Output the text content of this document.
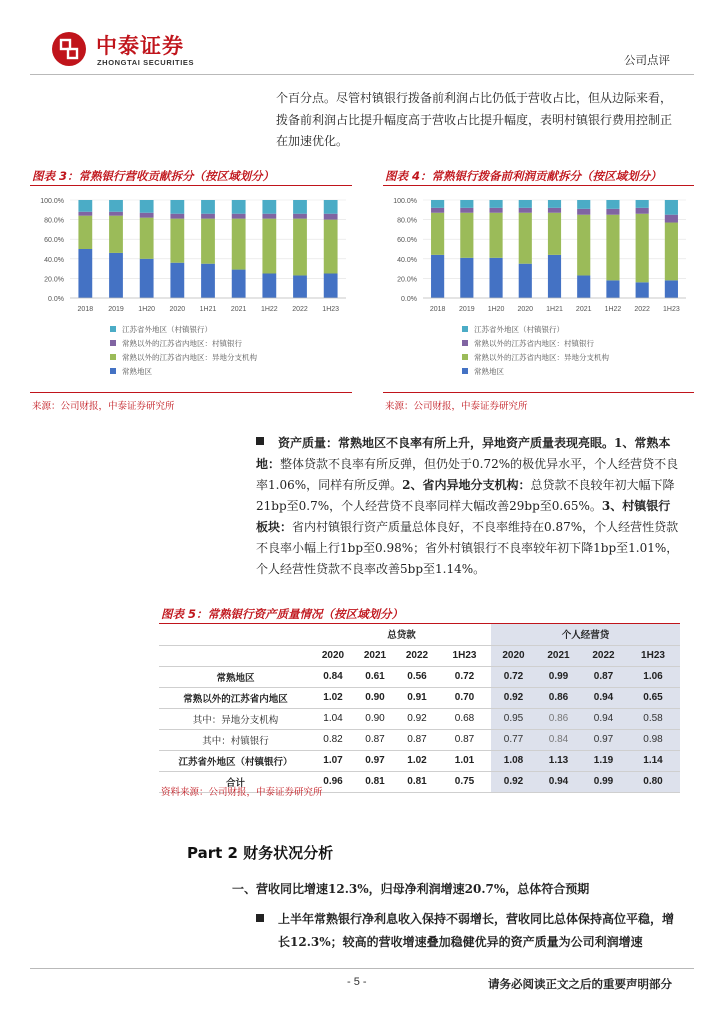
中泰证券
ZHONGTAI SECURITIES	公司点评
个百分点。尽管村镇银行拨备前利润占比仍低于营收占比，但从边际来看，拨备前利润占比提升幅度高于营收占比提升幅度，表明村镇银行费用控制正在加速优化。
图表 3：常熟银行营收贡献拆分（按区域划分）
0.0%
20.0%
40.0%
60.0%
80.0%
100.0%
2018 2019 1H20 2020 1H21 2021 1H22 2022 1H23
江苏省外地区（村镇银行）
常熟以外的江苏省内地区：村镇银行
常熟以外的江苏省内地区：异地分支机构
常熟地区
来源：公司财报，中泰证券研究所
图表 4：常熟银行拨备前利润贡献拆分（按区域划分）
0.0%
20.0%
40.0%
60.0%
80.0%
100.0%
2018 2019 1H20 2020 1H21 2021 1H22 2022 1H23
江苏省外地区（村镇银行）
常熟以外的江苏省内地区：村镇银行
常熟以外的江苏省内地区：异地分支机构
常熟地区
来源：公司财报，中泰证券研究所
资产质量：常熟地区不良率有所上升，异地资产质量表现亮眼。1、常熟本地：整体贷款不良率有所反弹，但仍处于0.72%的极优异水平，个人经营贷不良率1.06%，同样有所反弹。2、省内异地分支机构：总贷款不良较年初大幅下降21bp至0.7%，个人经营贷不良率同样大幅改善29bp至0.65%。3、村镇银行板块：省内村镇银行资产质量总体良好，不良率维持在0.87%，个人经营性贷款不良率小幅上行1bp至0.98%；省外村镇银行不良率较年初下降1bp至1.01%，个人经营性贷款不良率改善5bp至1.14%。
图表 5：常熟银行资产质量情况（按区域划分）
	总贷款				个人经营贷			
	2020	2021	2022	1H23	2020	2021	2022	1H23
常熟地区	0.84	0.61	0.56	0.72	0.72	0.99	0.87	1.06
常熟以外的江苏省内地区	1.02	0.90	0.91	0.70	0.92	0.86	0.94	0.65
其中：异地分支机构	1.04	0.90	0.92	0.68	0.95	0.86	0.94	0.58
其中：村镇银行	0.82	0.87	0.87	0.87	0.77	0.84	0.97	0.98
江苏省外地区（村镇银行）	1.07	0.97	1.02	1.01	1.08	1.13	1.19	1.14
合计	0.96	0.81	0.81	0.75	0.92	0.94	0.99	0.80
资料来源：公司财报，中泰证券研究所
Part 2 财务状况分析
一、营收同比增速12.3%，归母净利润增速20.7%，总体符合预期
上半年常熟银行净利息收入保持不弱增长，营收同比总体保持高位平稳，增长12.3%；较高的营收增速叠加稳健优异的资产质量为公司利润增速
- 5 -	请务必阅读正文之后的重要声明部分
